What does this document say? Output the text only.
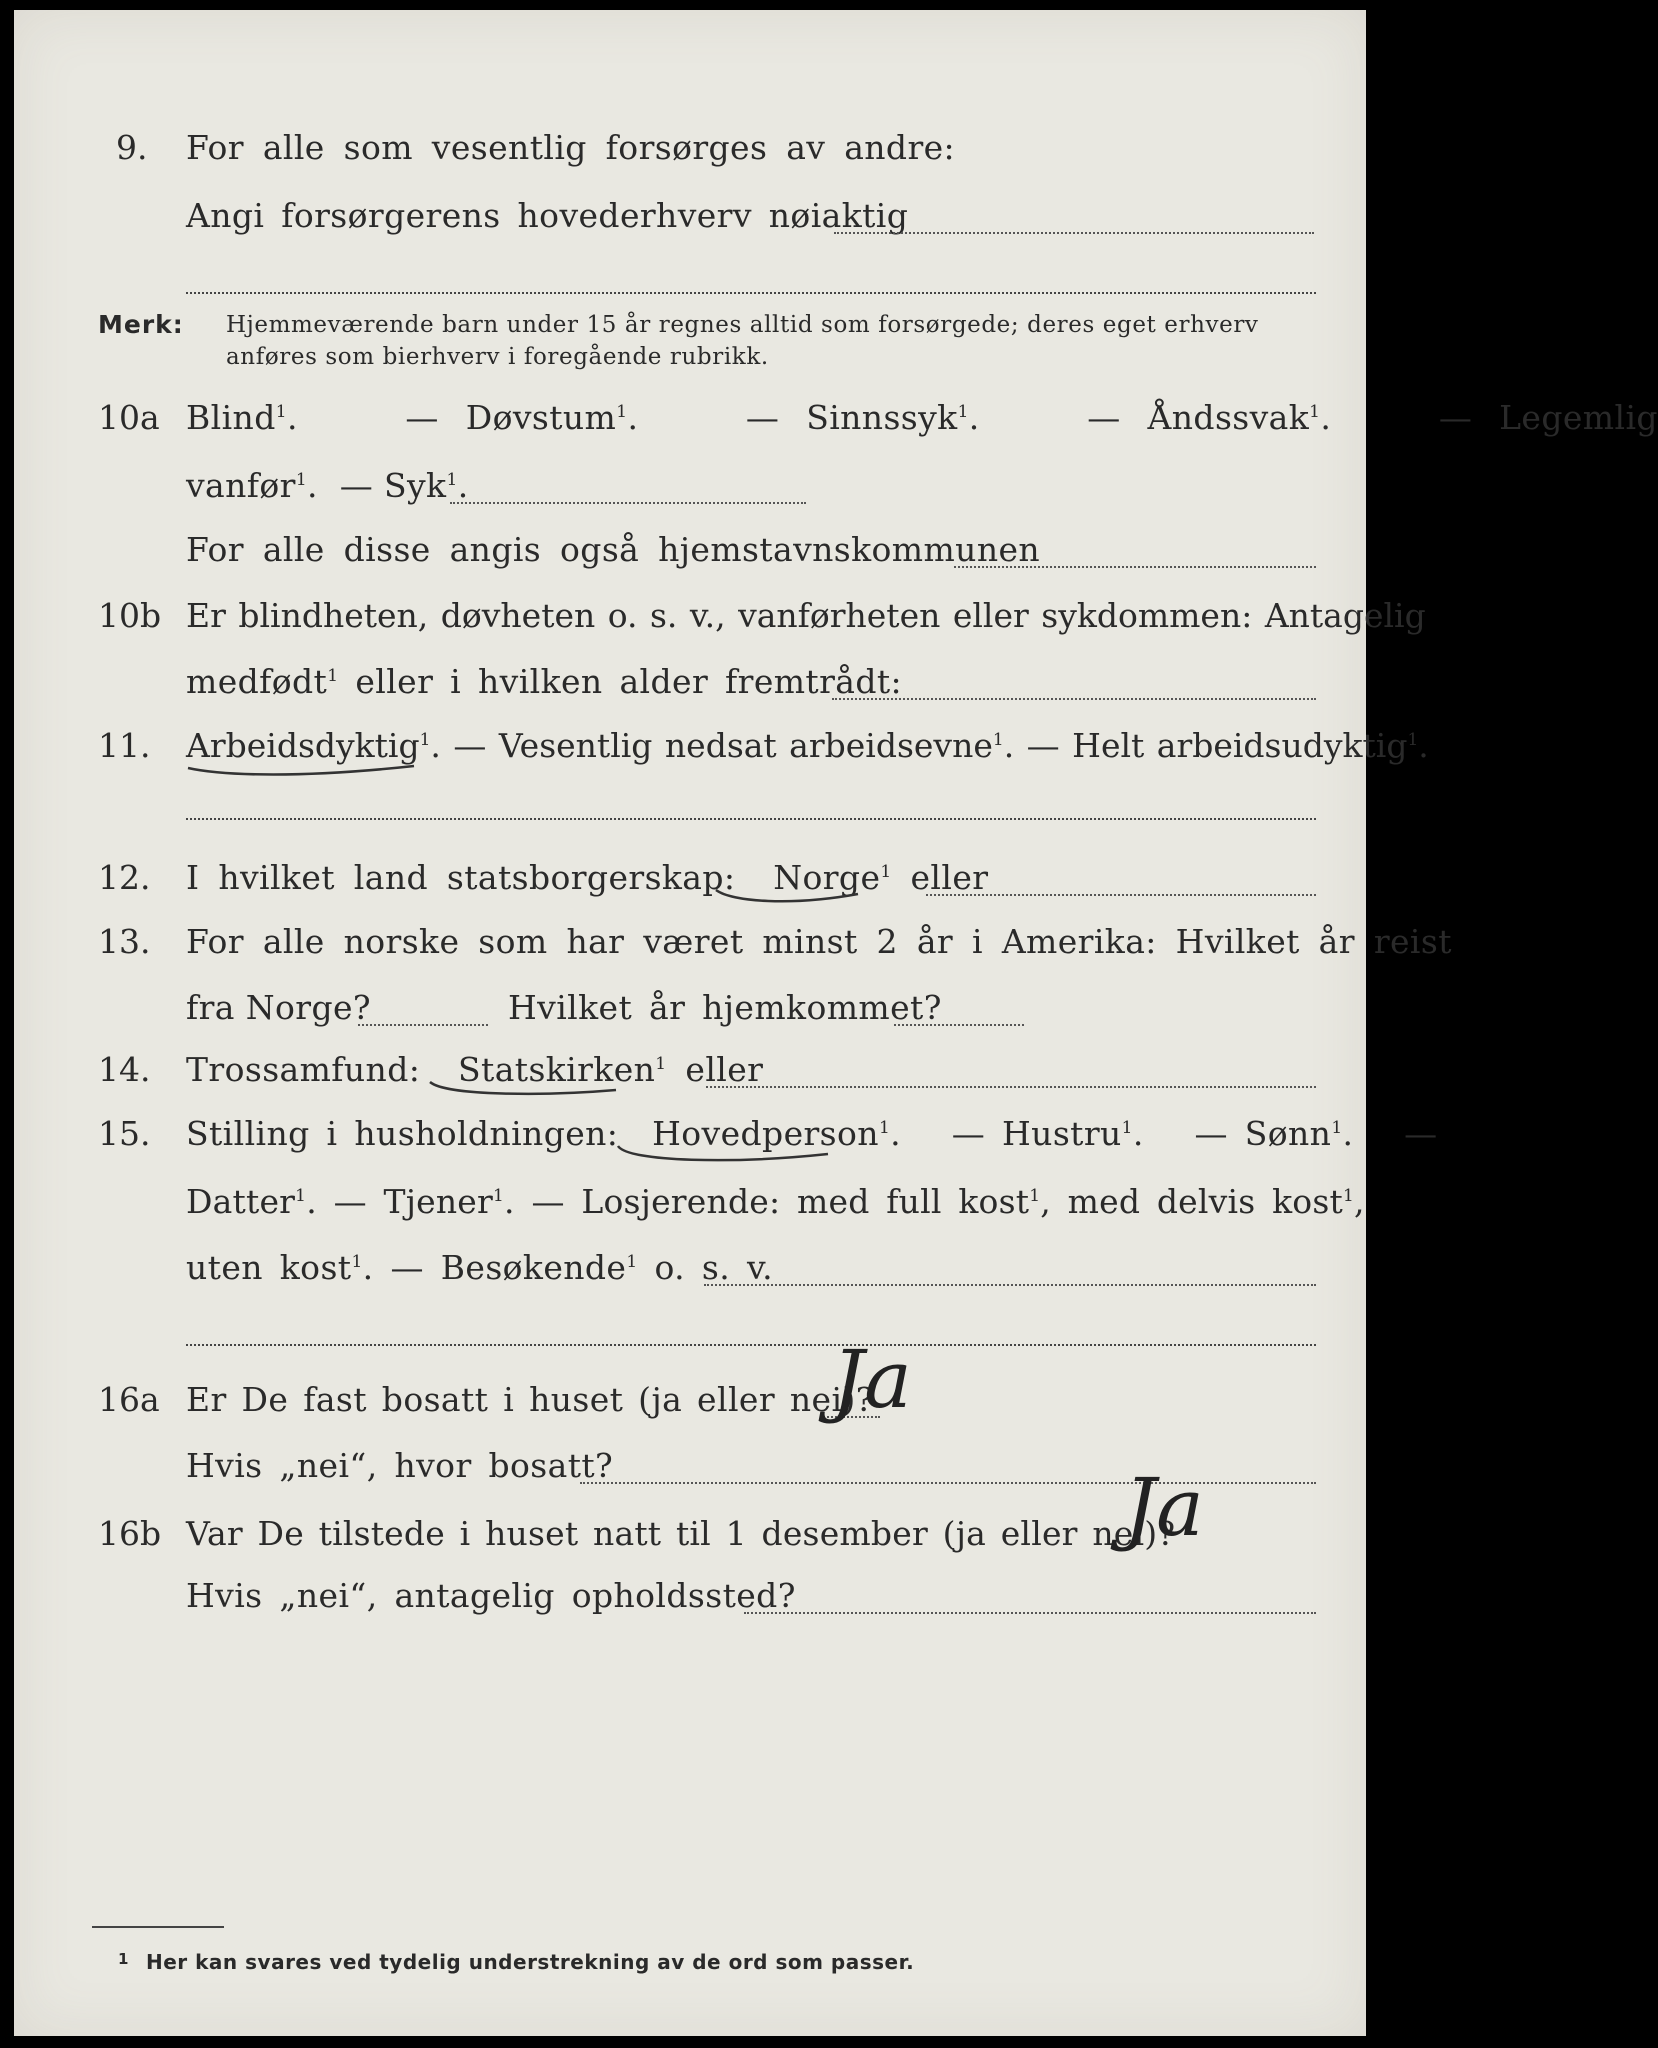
9. For alle som vesentlig forsørges av andre:
Angi forsørgerens hovederhverv nøiaktig
Merk: Hjemmeværende barn under 15 år regnes alltid som forsørgede; deres eget erhverv
anføres som bierhverv i foregående rubrikk.
10a Blind$^1$.    — Døvstum$^1$.    — Sinnssyk$^1$.    — Åndssvak$^1$.    — Legemlig
vanfør$^1$.  — Syk$^1$.
For alle disse angis også hjemstavnskommunen
10b Er blindheten, døvheten o. s. v., vanførheten eller sykdommen: Antagelig
medfødt$^1$ eller i hvilken alder fremtrådt:
11. Arbeidsdyktig$^1$. — Vesentlig nedsat arbeidsevne$^1$. — Helt arbeidsudyktig$^1$.
12. I hvilket land statsborgerskap: Norge$^1$ eller
13. For alle norske som har været minst 2 år i Amerika: Hvilket år reist
fra Norge?	Hvilket år hjemkommet?
14. Trossamfund: Statskirken$^1$ eller
15. Stilling i husholdningen: Hovedperson$^1$.   — Hustru$^1$.   — Sønn$^1$.   —
Datter$^1$. — Tjener$^1$. — Losjerende: med full kost$^1$, med delvis kost$^1$,
uten kost$^1$. — Besøkende$^1$ o. s. v.
16a Er De fast bosatt i huset (ja eller nei)?
Ja
Hvis „nei“, hvor bosatt?
16b Var De tilstede i huset natt til 1 desember (ja eller nei)?
Ja
Hvis „nei“, antagelig opholdssted?
1 Her kan svares ved tydelig understrekning av de ord som passer.
